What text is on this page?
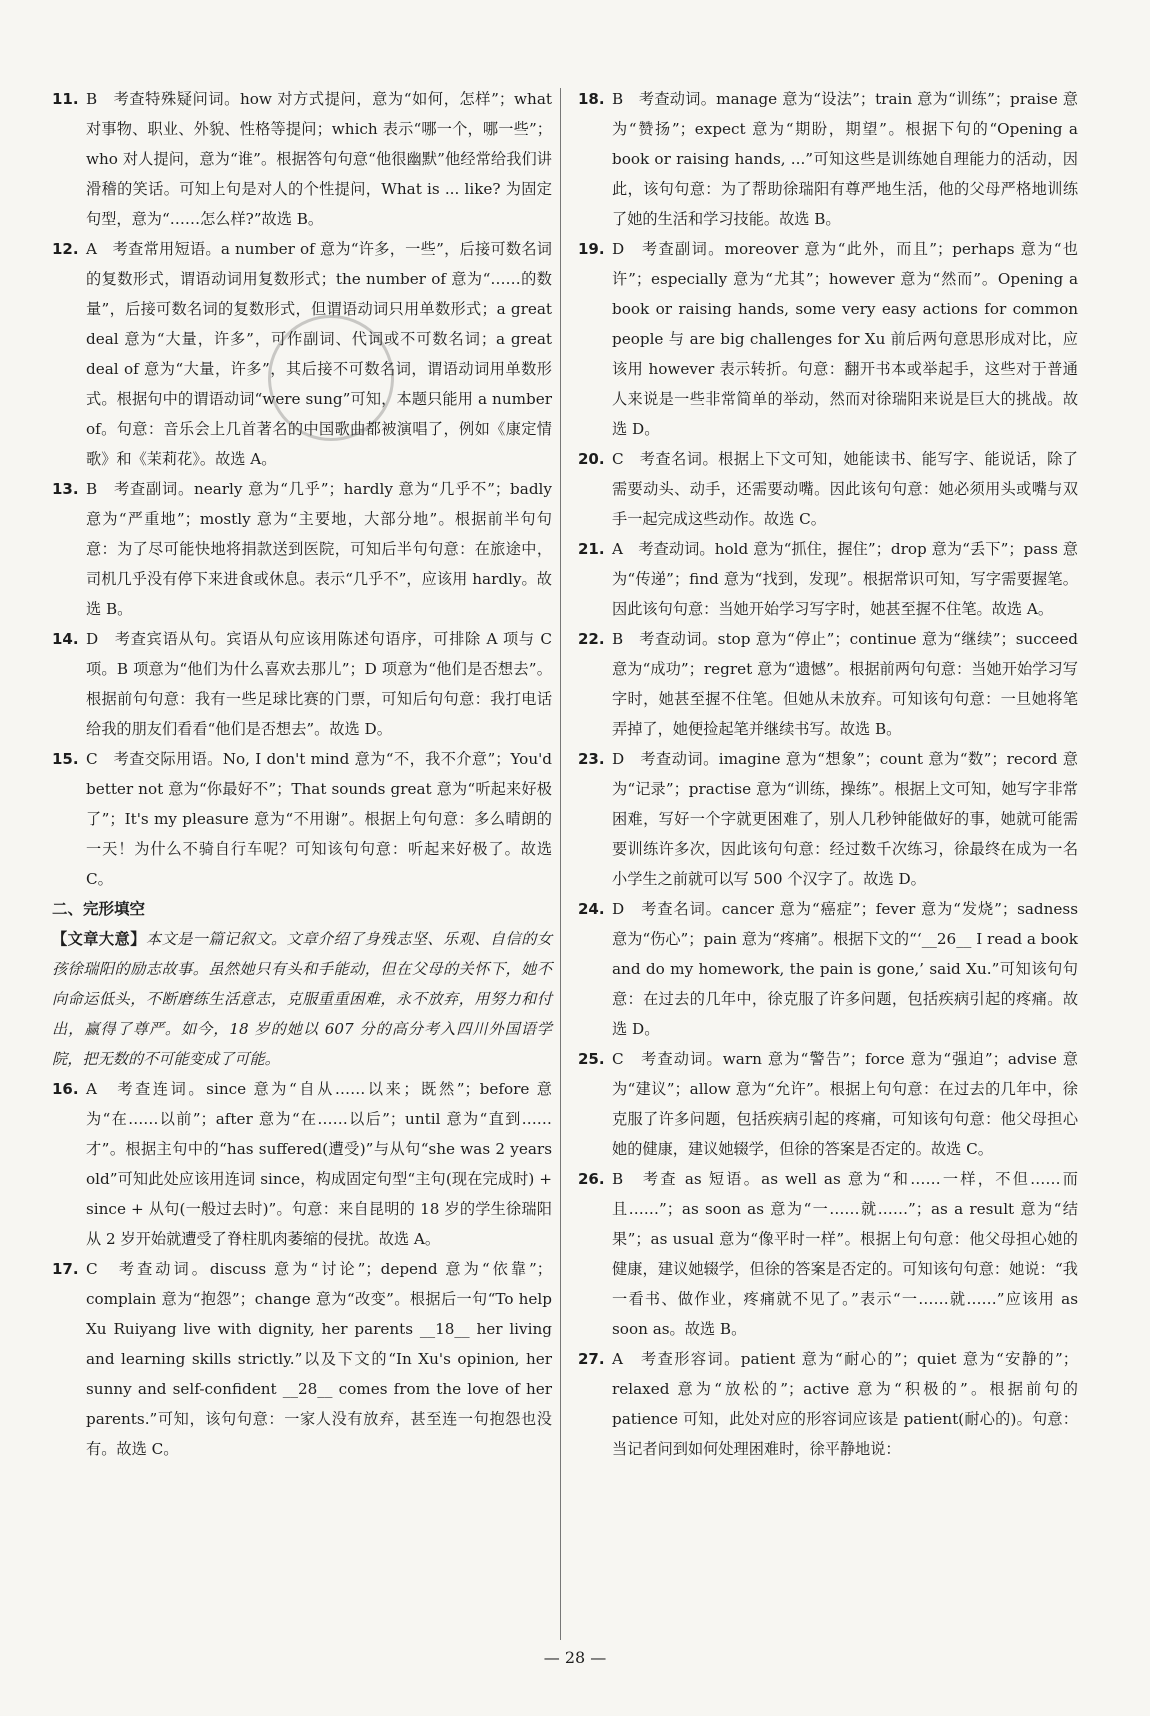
11. B　考查特殊疑问词。how 对方式提问，意为“如何，怎样”；what 对事物、职业、外貌、性格等提问；which 表示“哪一个，哪一些”；who 对人提问，意为“谁”。根据答句句意“他很幽默”他经常给我们讲滑稽的笑话。可知上句是对人的个性提问，What is ... like? 为固定句型，意为“……怎么样?”故选 B。

12. A　考查常用短语。a number of 意为“许多，一些”，后接可数名词的复数形式，谓语动词用复数形式；the number of 意为“……的数量”，后接可数名词的复数形式，但谓语动词只用单数形式；a great deal 意为“大量，许多”，可作副词、代词或不可数名词；a great deal of 意为“大量，许多”，其后接不可数名词，谓语动词用单数形式。根据句中的谓语动词“were sung”可知，本题只能用 a number of。句意：音乐会上几首著名的中国歌曲都被演唱了，例如《康定情歌》和《茉莉花》。故选 A。

13. B　考查副词。nearly 意为“几乎”；hardly 意为“几乎不”；badly 意为“严重地”；mostly 意为“主要地，大部分地”。根据前半句句意：为了尽可能快地将捐款送到医院，可知后半句句意：在旅途中，司机几乎没有停下来进食或休息。表示“几乎不”，应该用 hardly。故选 B。

14. D　考查宾语从句。宾语从句应该用陈述句语序，可排除 A 项与 C 项。B 项意为“他们为什么喜欢去那儿”；D 项意为“他们是否想去”。根据前句句意：我有一些足球比赛的门票，可知后句句意：我打电话给我的朋友们看看“他们是否想去”。故选 D。

15. C　考查交际用语。No, I don't mind 意为“不，我不介意”；You'd better not 意为“你最好不”；That sounds great 意为“听起来好极了”；It's my pleasure 意为“不用谢”。根据上句句意：多么晴朗的一天！为什么不骑自行车呢？可知该句句意：听起来好极了。故选 C。

二、完形填空

【文章大意】本文是一篇记叙文。文章介绍了身残志坚、乐观、自信的女孩徐瑞阳的励志故事。虽然她只有头和手能动，但在父母的关怀下，她不向命运低头，不断磨练生活意志，克服重重困难，永不放弃，用努力和付出，赢得了尊严。如今，18 岁的她以 607 分的高分考入四川外国语学院，把无数的不可能变成了可能。

16. A　考查连词。since 意为“自从……以来；既然”；before 意为“在……以前”；after 意为“在……以后”；until 意为“直到……才”。根据主句中的“has suffered(遭受)”与从句“she was 2 years old”可知此处应该用连词 since，构成固定句型“主句(现在完成时) + since + 从句(一般过去时)”。句意：来自昆明的 18 岁的学生徐瑞阳从 2 岁开始就遭受了脊柱肌肉萎缩的侵扰。故选 A。

17. C　考查动词。discuss 意为“讨论”；depend 意为“依靠”；complain 意为“抱怨”；change 意为“改变”。根据后一句“To help Xu Ruiyang live with dignity, her parents __18__ her living and learning skills strictly.”以及下文的“In Xu's opinion, her sunny and self-confident __28__ comes from the love of her parents.”可知，该句句意：一家人没有放弃，甚至连一句抱怨也没有。故选 C。

18. B　考查动词。manage 意为“设法”；train 意为“训练”；praise 意为“赞扬”；expect 意为“期盼，期望”。根据下句的“Opening a book or raising hands, ...”可知这些是训练她自理能力的活动，因此，该句句意：为了帮助徐瑞阳有尊严地生活，他的父母严格地训练了她的生活和学习技能。故选 B。

19. D　考查副词。moreover 意为“此外，而且”；perhaps 意为“也许”；especially 意为“尤其”；however 意为“然而”。Opening a book or raising hands, some very easy actions for common people 与 are big challenges for Xu 前后两句意思形成对比，应该用 however 表示转折。句意：翻开书本或举起手，这些对于普通人来说是一些非常简单的举动，然而对徐瑞阳来说是巨大的挑战。故选 D。

20. C　考查名词。根据上下文可知，她能读书、能写字、能说话，除了需要动头、动手，还需要动嘴。因此该句句意：她必须用头或嘴与双手一起完成这些动作。故选 C。

21. A　考查动词。hold 意为“抓住，握住”；drop 意为“丢下”；pass 意为“传递”；find 意为“找到，发现”。根据常识可知，写字需要握笔。因此该句句意：当她开始学习写字时，她甚至握不住笔。故选 A。

22. B　考查动词。stop 意为“停止”；continue 意为“继续”；succeed 意为“成功”；regret 意为“遗憾”。根据前两句句意：当她开始学习写字时，她甚至握不住笔。但她从未放弃。可知该句句意：一旦她将笔弄掉了，她便捡起笔并继续书写。故选 B。

23. D　考查动词。imagine 意为“想象”；count 意为“数”；record 意为“记录”；practise 意为“训练，操练”。根据上文可知，她写字非常困难，写好一个字就更困难了，别人几秒钟能做好的事，她就可能需要训练许多次，因此该句句意：经过数千次练习，徐最终在成为一名小学生之前就可以写 500 个汉字了。故选 D。

24. D　考查名词。cancer 意为“癌症”；fever 意为“发烧”；sadness 意为“伤心”；pain 意为“疼痛”。根据下文的“‘__26__ I read a book and do my homework, the pain is gone,’ said Xu.”可知该句句意：在过去的几年中，徐克服了许多问题，包括疾病引起的疼痛。故选 D。

25. C　考查动词。warn 意为“警告”；force 意为“强迫”；advise 意为“建议”；allow 意为“允许”。根据上句句意：在过去的几年中，徐克服了许多问题，包括疾病引起的疼痛，可知该句句意：他父母担心她的健康，建议她辍学，但徐的答案是否定的。故选 C。

26. B　考查 as 短语。as well as 意为“和……一样，不但……而且……”；as soon as 意为“一……就……”；as a result 意为“结果”；as usual 意为“像平时一样”。根据上句句意：他父母担心她的健康，建议她辍学，但徐的答案是否定的。可知该句句意：她说：“我一看书、做作业，疼痛就不见了。”表示“一……就……”应该用 as soon as。故选 B。

27. A　考查形容词。patient 意为“耐心的”；quiet 意为“安静的”；relaxed 意为“放松的”；active 意为“积极的”。根据前句的 patience 可知，此处对应的形容词应该是 patient(耐心的)。句意：当记者问到如何处理困难时，徐平静地说：

— 28 —
